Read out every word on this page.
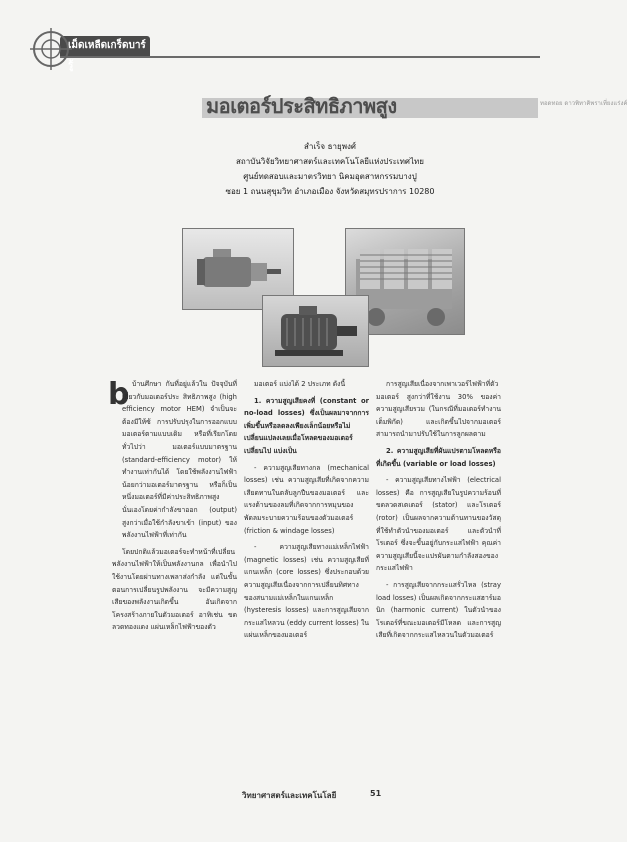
เม็ดเหลืดเกร็ดบาร์รู้
ทอดทอย ดาวพิทาคิพราเที่ยงแร่งค์
มอเตอร์ประสิทธิภาพสูง
สำเร็จ ธายุพงศ์
สถาบันวิจัยวิทยาศาสตร์และเทคโนโลยีแห่งประเทศไทย
ศูนย์ทดสอบและมาตรวิทยา นิคมอุตสาหกรรมบางปู
ซอย 1 ถนนสุขุมวิท อำเภอเมือง จังหวัดสมุทรปราการ 10280
b บ้านศึกษา กันที่อยู่แล้วใน ปัจจุบันที่เกี่ยวกับมอเตอร์ประ สิทธิภาพสูง (high efficiency motor HEM) จำเป็นจะต้องมีให้ซ้ การปรับปรุงในการออกแบบมอเตอร์ตามแบบเดิม หรือที่เรียกโดยทั่วไปว่า มอเตอร์แบบมาตรฐาน (standard-efficiency motor) ให้ทำงานเท่ากันได้ โดยใช้พลังงานไฟฟ้าน้อยกว่ามอเตอร์มาตรฐาน หรือก็เป็นหนึ่งมอเตอร์ที่มีค่าประสิทธิภาพสูงนั่นเองโดยค่ากำลังขาออก (output) สูงกว่าเมื่อใช้กำลังขาเข้า (input) ของพลังงานไฟฟ้าที่เท่ากัน

โดยปกติแล้วมอเตอร์จะทำหน้าที่เปลี่ยนพลังงานไฟฟ้าให้เป็นพลังงานกล เพื่อนำไปใช้งานโดยผ่านทางเพลาส่งกำลัง แต่ในขั้นตอนการเปลี่ยนรูปพลังงาน จะมีความสูญเสียของพลังงานเกิดขึ้น อันเกิดจากโครงสร้างภายในตัวมอเตอร์ อาทิเช่น ขดลวดทองแดง แผ่นเหล็กไฟฟ้าของตัว

มอเตอร์ แบ่งได้ 2 ประเภท ดังนี้

1. ความสูญเสียคงที่ (constant or no-load losses) ซึ่งเป็นผลมาจากการเพิ่มขึ้นหรือลดลงเพียงเล็กน้อยหรือไม่เปลี่ยนแปลงเลยเมื่อโหลดของมอเตอร์เปลี่ยนไป แบ่งเป็น

- ความสูญเสียทางกล (mechanical losses) เช่น ความสูญเสียที่เกิดจากความเสียดทานในตลับลูกปืนของมอเตอร์ และแรงต้านของลมที่เกิดจากการหมุนของพัดลมระบายความร้อนของตัวมอเตอร์ (friction & windage losses)

- ความสูญเสียทางแม่เหล็กไฟฟ้า (magnetic losses) เช่น ความสูญเสียที่แกนเหล็ก (core losses) ซึ่งประกอบด้วยความสูญเสียเนื่องจากการเปลี่ยนทิศทางของสนามแม่เหล็กในแกนเหล็ก (hysteresis losses) และการสูญเสียจากกระแสไหลวน (eddy current losses) ในแผ่นเหล็กของมอเตอร์

การสูญเสียเนื่องจากเพาเวอร์ไฟฟ้าที่ตัวมอเตอร์ สูงกว่าที่ใช้งาน 30% ของค่าความสูญเสียรวม (ในกรณีที่มอเตอร์ทำงานเต็มพิกัด) และเกิดขึ้นไปจากมอเตอร์สามารถนำมาปรับใช้ในการลูกผลตาม

2. ความสูญเสียที่ผันแปรตามโหลดหรือที่เกิดขึ้น (variable or load losses)

- ความสูญเสียทางไฟฟ้า (electrical losses) คือ การสูญเสียในรูปความร้อนที่ขดลวดสเตเตอร์ (stator) และโรเตอร์ (rotor) เป็นผลจากความต้านทานของวัสดุที่ใช้ทำตัวนำของมอเตอร์ และตัวนำที่โรเตอร์ ซึ่งจะขึ้นอยู่กับกระแสไฟฟ้า คุณค่าความสูญเสียนี้จะแปรผันตามกำลังสองของกระแสไฟฟ้า

- การสูญเสียจากกระแสรั่วไหล (stray load losses) เป็นผลเกิดจากกระแสฮาร์มอนิก (harmonic current) ในตัวนำของโรเตอร์ที่ขณะมอเตอร์มีโหลด และการสูญเสียที่เกิดจากกระแสไหลวนในตัวมอเตอร์

วิทยาศาสตร์และเทคโนโลยี	51
